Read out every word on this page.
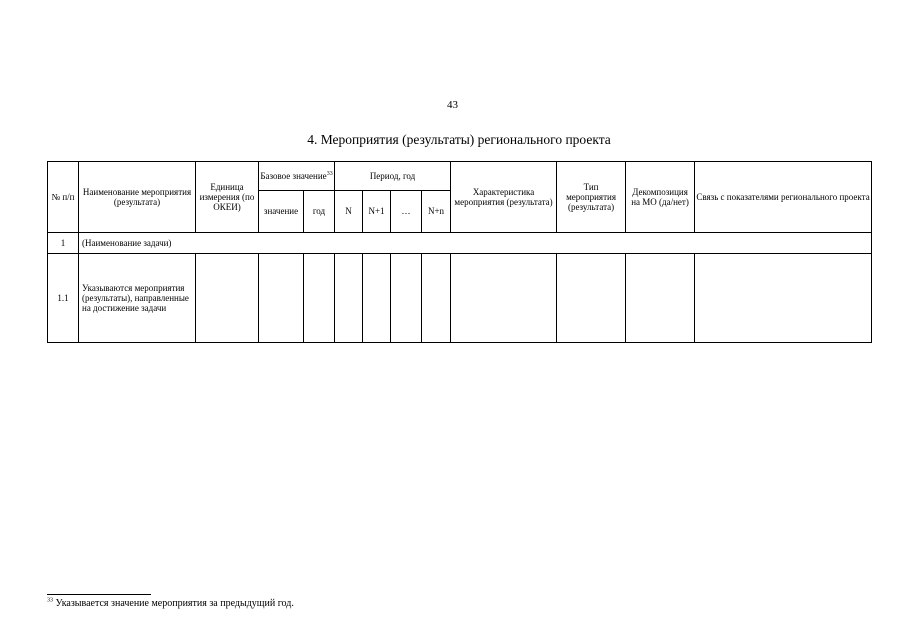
43
4. Мероприятия (результаты) регионального проекта
№ п/п	Наименование мероприятия (результата)	Единица измерения (по ОКЕИ)	Базовое значение$^{33}$		Период, год				Характеристика мероприятия (результата)	Тип мероприятия (результата)	Декомпозиция на МО (да/нет)	Связь с показателями регионального проекта
			значение	год	N	N+1	…	N+n				
1	(Наименование задачи)											
1.1	Указываются мероприятия (результаты), направленные на достижение задачи											
$^{33}$ Указывается значение мероприятия за предыдущий год.
